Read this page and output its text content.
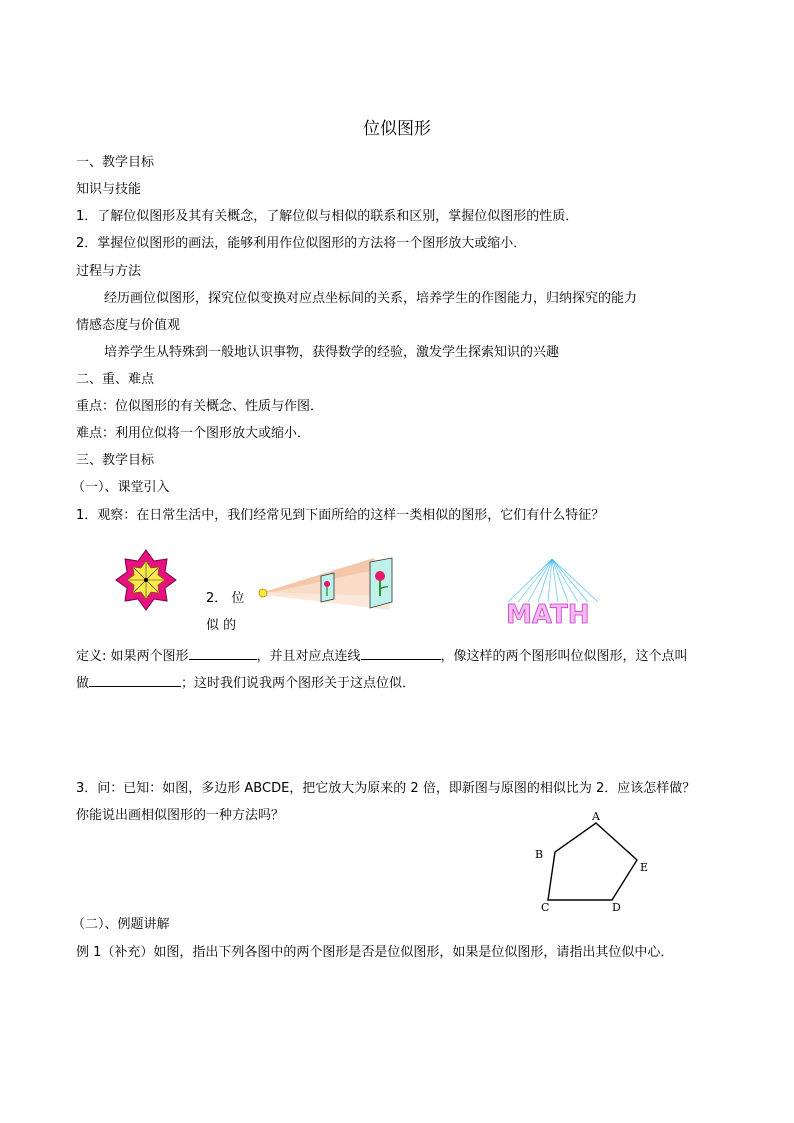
位似图形
一、教学目标
知识与技能
1．了解位似图形及其有关概念，了解位似与相似的联系和区别，掌握位似图形的性质．
2．掌握位似图形的画法，能够利用作位似图形的方法将一个图形放大或缩小．
过程与方法
经历画位似图形，探究位似变换对应点坐标间的关系，培养学生的作图能力，归纳探究的能力
情感态度与价值观
培养学生从特殊到一般地认识事物，获得数学的经验，激发学生探索知识的兴趣
二、重、难点
重点：位似图形的有关概念、性质与作图．
难点：利用位似将一个图形放大或缩小．
三、教学目标
（一）、课堂引入
1．观察：在日常生活中，我们经常见到下面所给的这样一类相似的图形，它们有什么特征？
2． 位
似 的	MATH
定义: 如果两个图形	，并且对应点连线	，像这样的两个图形叫位似图形，这个点叫
做	；这时我们说我两个图形关于这点位似．
3．问：已知：如图，多边形 ABCDE，把它放大为原来的 2 倍，即新图与原图的相似比为 2．应该怎样做？
你能说出画相似图形的一种方法吗？	A
B
C	D
E
（二）、例题讲解
例 1（补充）如图，指出下列各图中的两个图形是否是位似图形，如果是位似图形，请指出其位似中心．
